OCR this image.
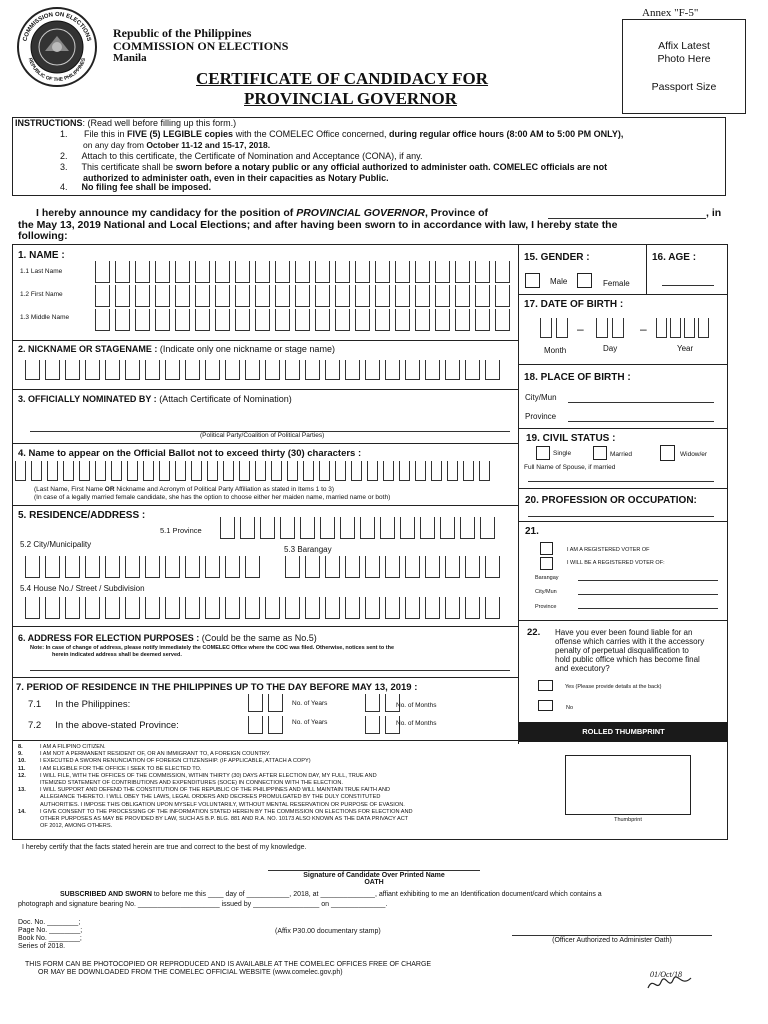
COMMISSION ON ELECTIONS
REPUBLIC OF THE PHILIPPINES
Republic of the Philippines
COMMISSION ON ELECTIONS
Manila
CERTIFICATE OF CANDIDACY FOR
PROVINCIAL GOVERNOR
Annex "F-5"
Affix Latest
Photo Here
Passport Size
INSTRUCTIONS: (Read well before filling up this form.)
1. File this in FIVE (5) LEGIBLE copies with the COMELEC Office concerned, during regular office hours (8:00 AM to 5:00 PM ONLY),
on any day from October 11-12 and 15-17, 2018.
2. Attach to this certificate, the Certificate of Nomination and Acceptance (CONA), if any.
3. This certificate shall be sworn before a notary public or any official authorized to administer oath. COMELEC officials are not
authorized to administer oath, even in their capacities as Notary Public.
4. No filing fee shall be imposed.
I hereby announce my candidacy for the position of PROVINCIAL GOVERNOR, Province of	, in
the May 13, 2019 National and Local Elections; and after having been sworn to in accordance with law, I hereby state the
following:
1. NAME :
1.1 Last Name
1.2 First Name
1.3 Middle Name
2. NICKNAME OR STAGENAME : (Indicate only one nickname or stage name)
3. OFFICIALLY NOMINATED BY : (Attach Certificate of Nomination)
(Political Party/Coalition of Political Parties)
4. Name to appear on the Official Ballot not to exceed thirty (30) characters :
(Last Name, First Name OR Nickname and Acronym of Political Party Affiliation as stated in Items 1 to 3)
(In case of a legally married female candidate, she has the option to choose either her maiden name, married name or both)
5. RESIDENCE/ADDRESS :
5.1 Province
5.2 City/Municipality
5.3 Barangay
5.4 House No./ Street / Subdivision
6. ADDRESS FOR ELECTION PURPOSES : (Could be the same as No.5)
Note: In case of change of address, please notify immediately the COMELEC Office where the COC was filed. Otherwise, notices sent to the
herein indicated address shall be deemed served.
7. PERIOD OF RESIDENCE IN THE PHILIPPINES UP TO THE DAY BEFORE MAY 13, 2019 :
7.1 In the Philippines:
7.2 In the above-stated Province:
No. of Years	No. of Months
No. of Years	No. of Months
15. GENDER :
Male	Female
16. AGE :
17. DATE OF BIRTH :
–	–
Month	Day	Year
18. PLACE OF BIRTH :
City/Mun
Province
19. CIVIL STATUS :
Single	Married	Widow/er
Full Name of Spouse, if married
20. PROFESSION OR OCCUPATION:
21.
I AM A REGISTERED VOTER OF
I WILL BE A REGISTERED VOTER OF:
Barangay
City/Mun
Province
22. Have you ever been found liable for an
offense which carries with it the accessory
penalty of perpetual disqualification to
hold public office which has become final
and executory?
Yes (Please provide details at the back)
No
ROLLED THUMBPRINT
Thumbprint
8.	I AM A FILIPINO CITIZEN.
9.	I AM NOT A PERMANENT RESIDENT OF, OR AN IMMIGRANT TO, A FOREIGN COUNTRY.
10.	I EXECUTED A SWORN RENUNCIATION OF FOREIGN CITIZENSHIP. (IF APPLICABLE, ATTACH A COPY)
11.	I AM ELIGIBLE FOR THE OFFICE I SEEK TO BE ELECTED TO.
12.	I WILL FILE, WITH THE OFFICES OF THE COMMISSION, WITHIN THIRTY (30) DAYS AFTER ELECTION DAY, MY FULL, TRUE AND
ITEMIZED STATEMENT OF CONTRIBUTIONS AND EXPENDITURES (SOCE) IN CONNECTION WITH THE ELECTION.
13.	I WILL SUPPORT AND DEFEND THE CONSTITUTION OF THE REPUBLIC OF THE PHILIPPINES AND WILL MAINTAIN TRUE FAITH AND
ALLEGIANCE THERETO. I WILL OBEY THE LAWS, LEGAL ORDERS AND DECREES PROMULGATED BY THE DULY CONSTITUTED
AUTHORITIES. I IMPOSE THIS OBLIGATION UPON MYSELF VOLUNTARILY, WITHOUT MENTAL RESERVATION OR PURPOSE OF EVASION.
14.	I GIVE CONSENT TO THE PROCESSING OF THE INFORMATION STATED HEREIN BY THE COMMISSION ON ELECTIONS FOR ELECTION AND
OTHER PURPOSES AS MAY BE PROVIDED BY LAW, SUCH AS B.P. BLG. 881 AND R.A. NO. 10173 ALSO KNOWN AS THE DATA PRIVACY ACT
OF 2012, AMONG OTHERS.
I hereby certify that the facts stated herein are true and correct to the best of my knowledge.
Signature of Candidate Over Printed Name
OATH
SUBSCRIBED AND SWORN to before me this ____ day of ___________, 2018, at ______________, affiant exhibiting to me an Identification document/card which contains a
photograph and signature bearing No. _____________________ issued by _________________ on ______________.
Doc. No. ________;
Page No. ________;
Book No. ________;
Series of 2018.
(Affix P30.00 documentary stamp)
(Officer Authorized to Administer Oath)
THIS FORM CAN BE PHOTOCOPIED OR REPRODUCED AND IS AVAILABLE AT THE COMELEC OFFICES FREE OF CHARGE
OR MAY BE DOWNLOADED FROM THE COMELEC OFFICIAL WEBSITE (www.comelec.gov.ph)	01/Oct/18
